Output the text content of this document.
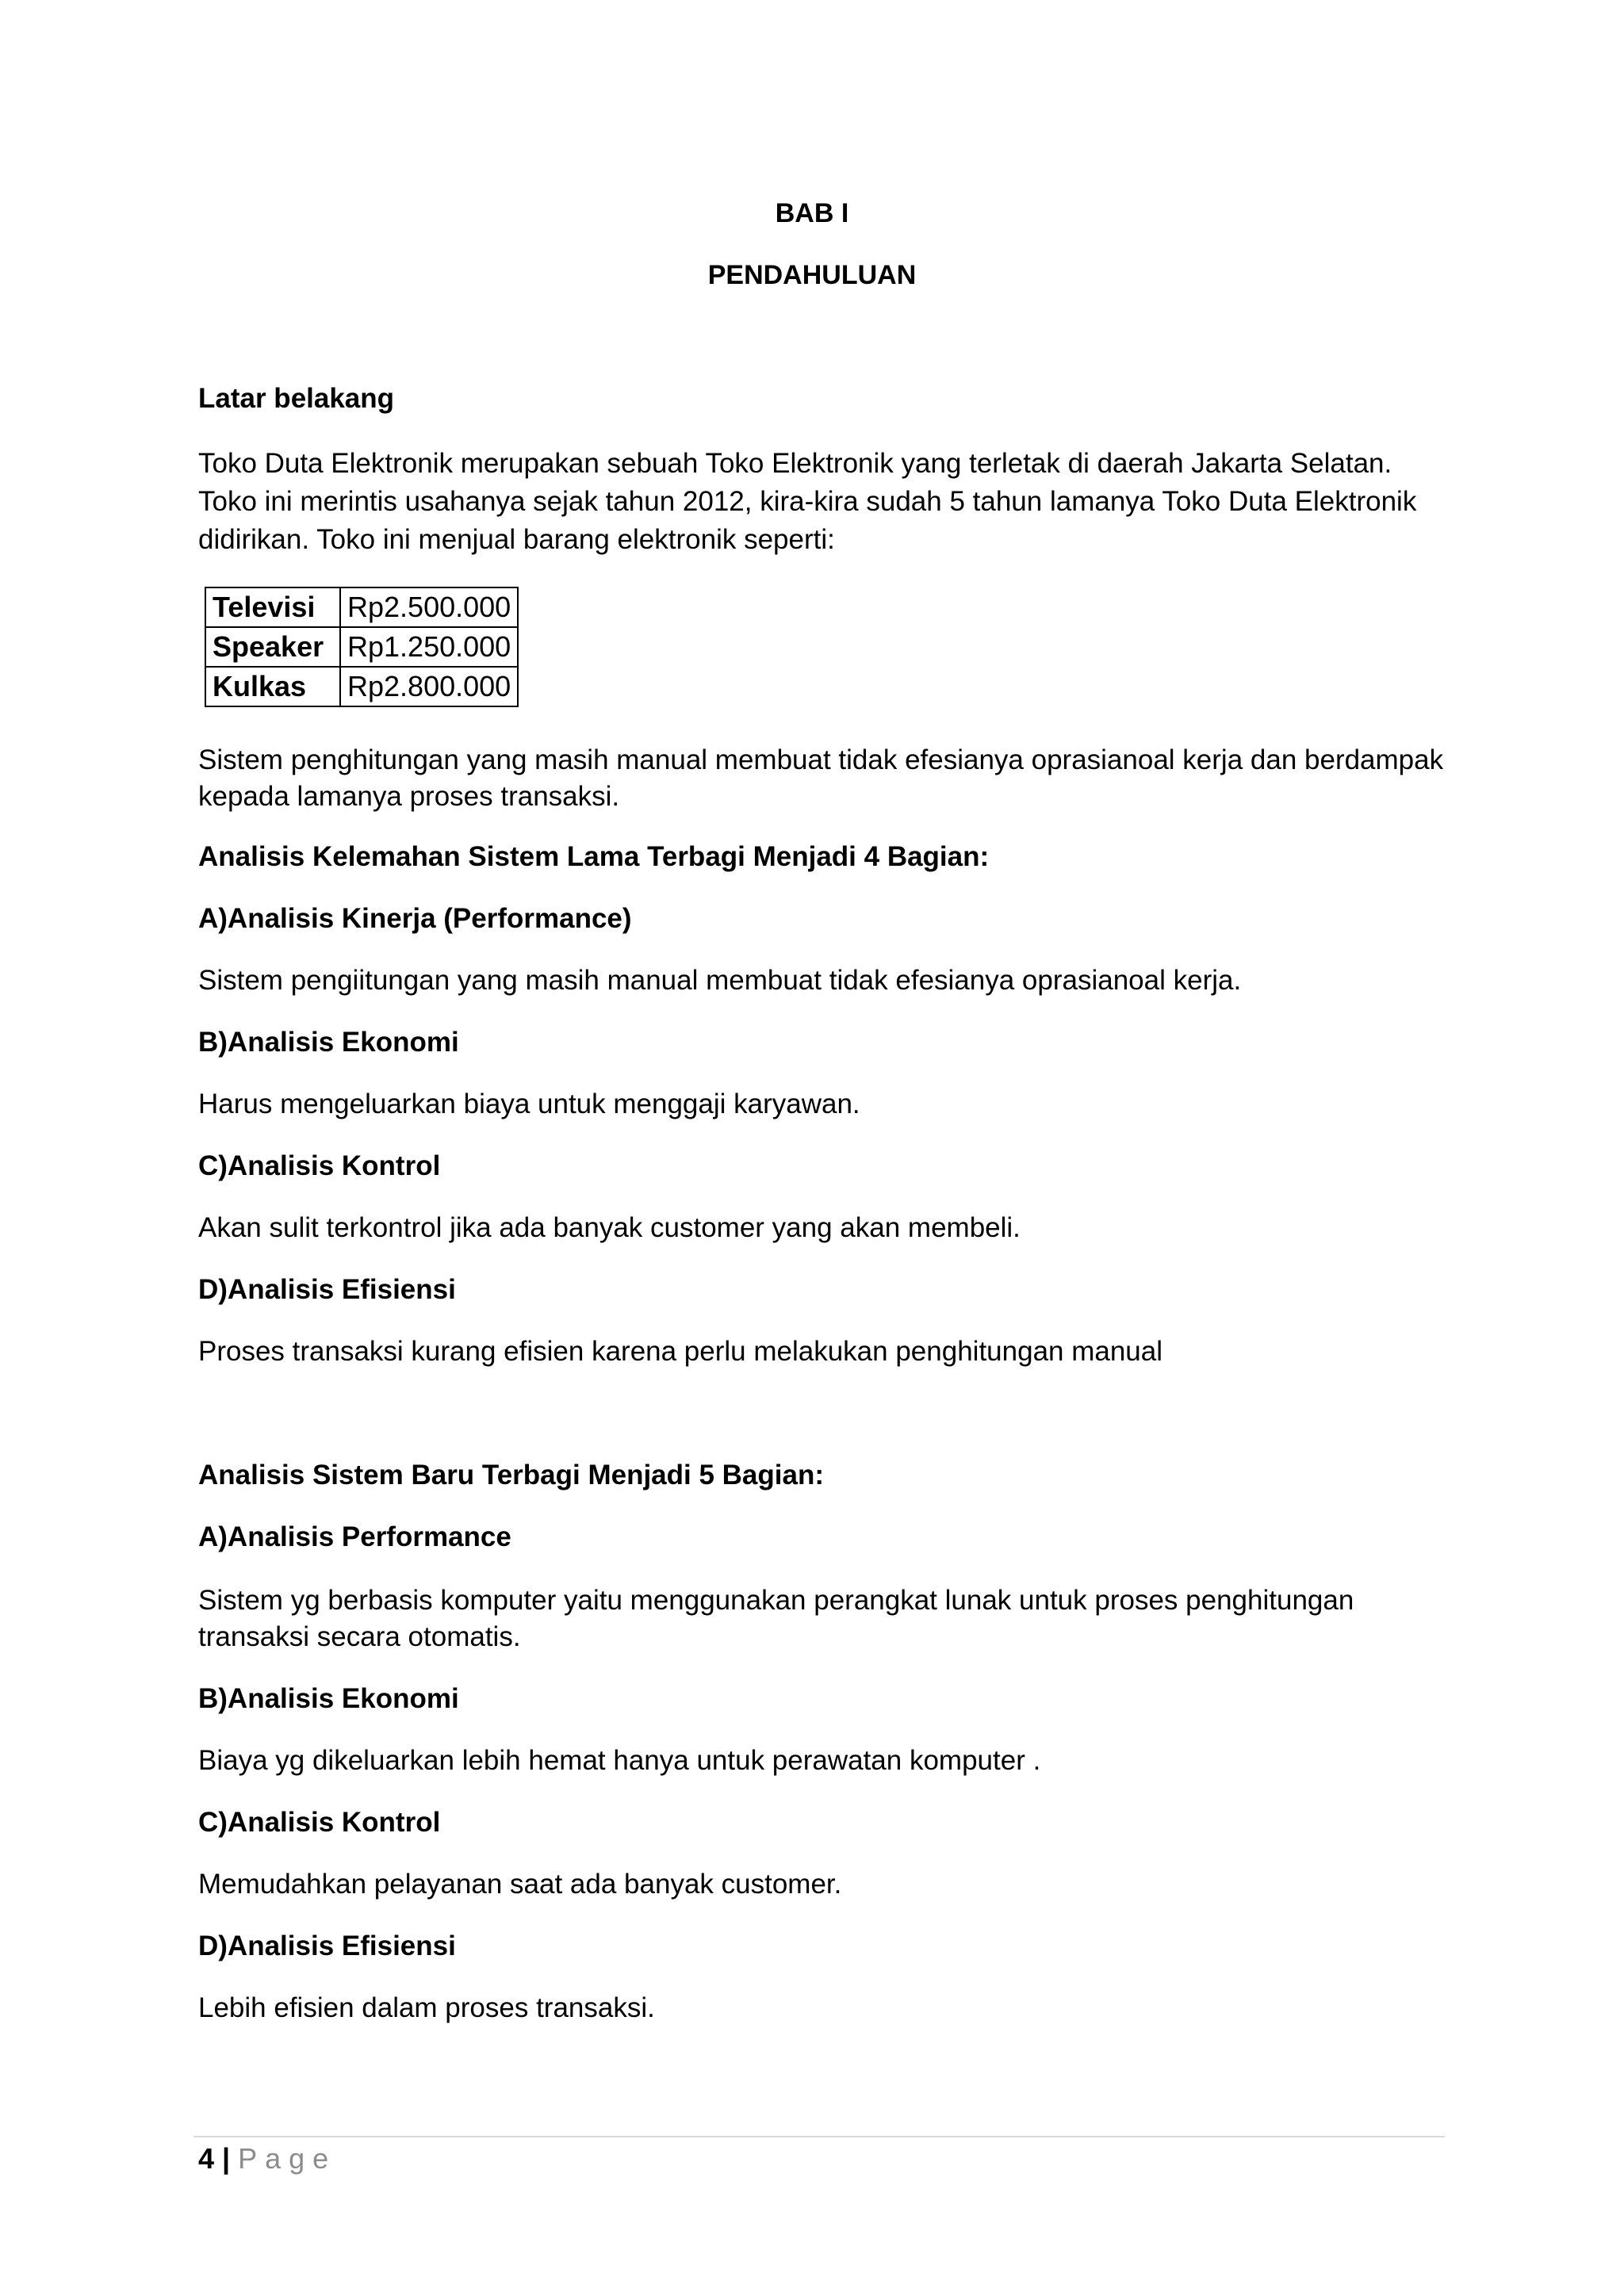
BAB I

PENDAHULUAN

Latar belakang

Toko Duta Elektronik merupakan sebuah Toko Elektronik yang terletak di daerah Jakarta Selatan.

Toko ini merintis usahanya sejak tahun 2012, kira-kira sudah 5 tahun lamanya Toko Duta Elektronik

didirikan. Toko ini menjual barang elektronik seperti:

Televisi	Rp2.500.000
Speaker	Rp1.250.000
Kulkas	Rp2.800.000

Sistem penghitungan yang masih manual membuat tidak efesianya oprasianoal kerja dan berdampak

kepada lamanya proses transaksi.

Analisis Kelemahan Sistem Lama Terbagi Menjadi 4 Bagian:

A)Analisis Kinerja (Performance)

Sistem pengiitungan yang masih manual membuat tidak efesianya oprasianoal kerja.

B)Analisis Ekonomi

Harus mengeluarkan biaya untuk menggaji karyawan.

C)Analisis Kontrol

Akan sulit terkontrol jika ada banyak customer yang akan membeli.

D)Analisis Efisiensi

Proses transaksi kurang efisien karena perlu melakukan penghitungan manual

Analisis Sistem Baru Terbagi Menjadi 5 Bagian:

A)Analisis Performance

Sistem yg berbasis komputer yaitu menggunakan perangkat lunak untuk proses penghitungan

transaksi secara otomatis.

B)Analisis Ekonomi

Biaya yg dikeluarkan lebih hemat hanya untuk perawatan komputer .

C)Analisis Kontrol

Memudahkan pelayanan saat ada banyak customer.

D)Analisis Efisiensi

Lebih efisien dalam proses transaksi.

4 | Page
